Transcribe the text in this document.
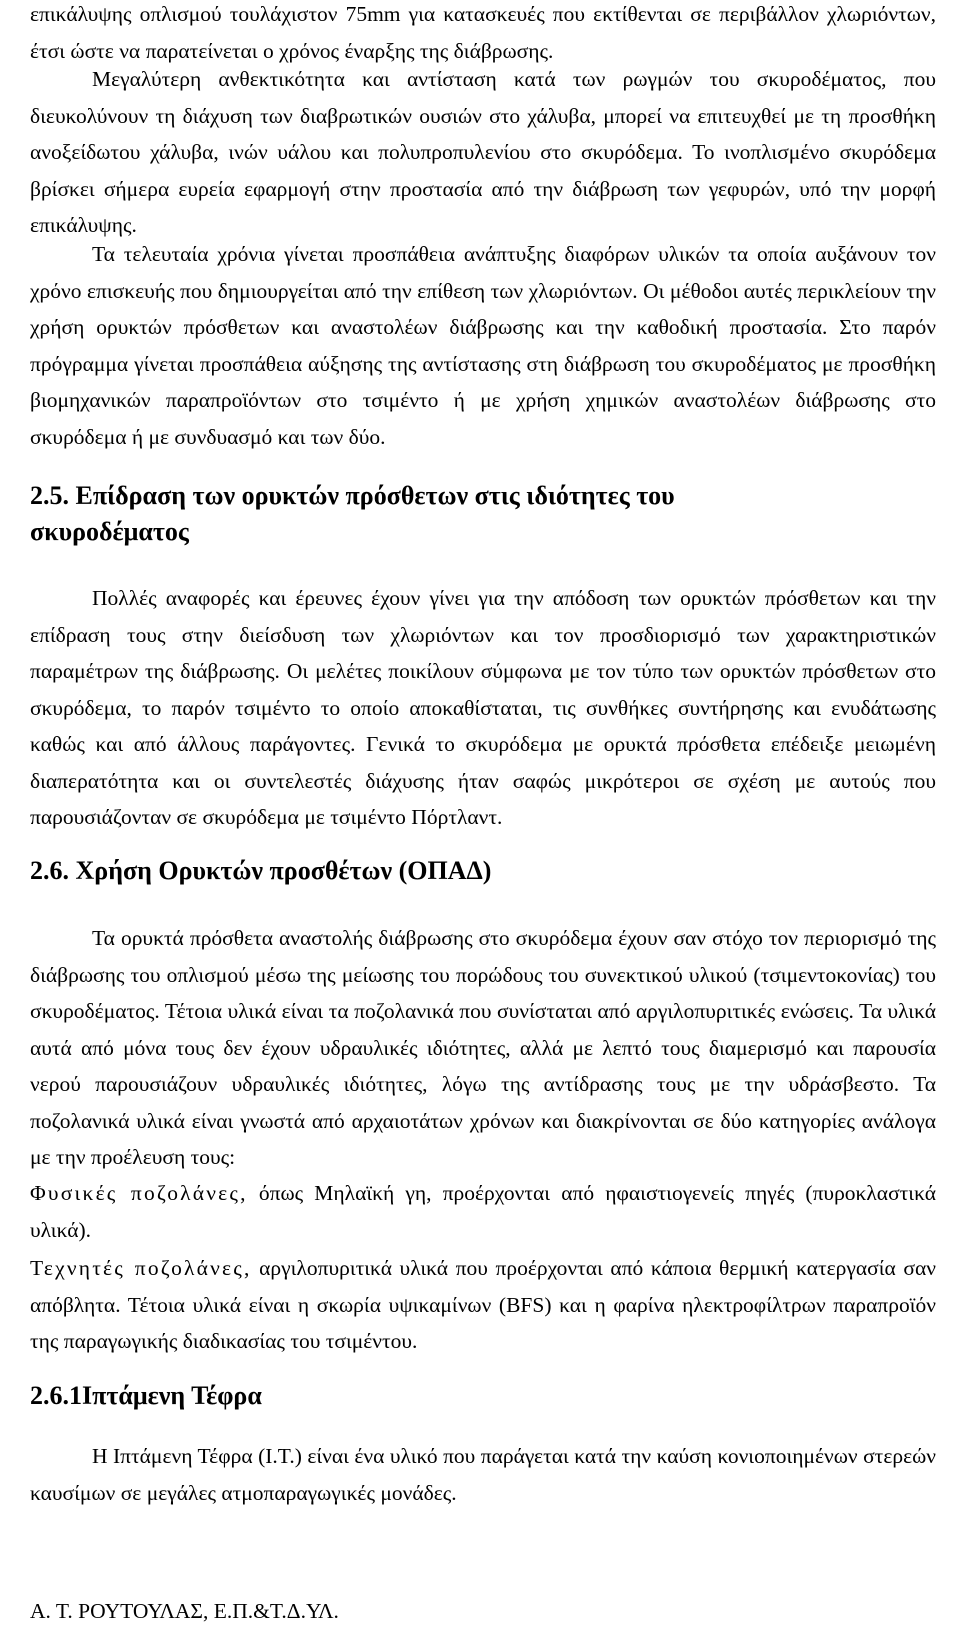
επικάλυψης οπλισμού τουλάχιστον 75mm για κατασκευές που εκτίθενται σε περιβάλλον χλωριόντων, έτσι ώστε να παρατείνεται ο χρόνος έναρξης της διάβρωσης.

Μεγαλύτερη ανθεκτικότητα και αντίσταση κατά των ρωγμών του σκυροδέματος, που διευκολύνουν τη διάχυση των διαβρωτικών ουσιών στο χάλυβα, μπορεί να επιτευχθεί με τη προσθήκη ανοξείδωτου χάλυβα, ινών υάλου και πολυπροπυλενίου στο σκυρόδεμα. Το ινοπλισμένο σκυρόδεμα βρίσκει σήμερα ευρεία εφαρμογή στην προστασία από την διάβρωση των γεφυρών, υπό την μορφή επικάλυψης.

Τα τελευταία χρόνια γίνεται προσπάθεια ανάπτυξης διαφόρων υλικών τα οποία αυξάνουν τον χρόνο επισκευής που δημιουργείται από την επίθεση των χλωριόντων. Οι μέθοδοι αυτές περικλείουν την χρήση ορυκτών πρόσθετων και αναστολέων διάβρωσης και την καθοδική προστασία. Στο παρόν πρόγραμμα γίνεται προσπάθεια αύξησης της αντίστασης στη διάβρωση του σκυροδέματος με προσθήκη βιομηχανικών παραπροϊόντων στο τσιμέντο ή με χρήση χημικών αναστολέων διάβρωσης στο σκυρόδεμα ή με συνδυασμό και των δύο.

2.5. Επίδραση των ορυκτών πρόσθετων στις ιδιότητες του σκυροδέματος

Πολλές αναφορές και έρευνες έχουν γίνει για την απόδοση των ορυκτών πρόσθετων και την επίδραση τους στην διείσδυση των χλωριόντων και τον προσδιορισμό των χαρακτηριστικών παραμέτρων της διάβρωσης. Οι μελέτες ποικίλουν σύμφωνα με τον τύπο των ορυκτών πρόσθετων στο σκυρόδεμα, το παρόν τσιμέντο το οποίο αποκαθίσταται, τις συνθήκες συντήρησης και ενυδάτωσης καθώς και από άλλους παράγοντες. Γενικά το σκυρόδεμα με ορυκτά πρόσθετα επέδειξε μειωμένη διαπερατότητα και οι συντελεστές διάχυσης ήταν σαφώς μικρότεροι σε σχέση με αυτούς που παρουσιάζονταν σε σκυρόδεμα με τσιμέντο Πόρτλαντ.

2.6. Χρήση Ορυκτών προσθέτων (ΟΠΑΔ)

Τα ορυκτά πρόσθετα αναστολής διάβρωσης στο σκυρόδεμα έχουν σαν στόχο τον περιορισμό της διάβρωσης του οπλισμού μέσω της μείωσης του πορώδους του συνεκτικού υλικού (τσιμεντοκονίας) του σκυροδέματος. Τέτοια υλικά είναι τα ποζολανικά που συνίσταται από αργιλοπυριτικές ενώσεις. Τα υλικά αυτά από μόνα τους δεν έχουν υδραυλικές ιδιότητες, αλλά με λεπτό τους διαμερισμό και παρουσία νερού παρουσιάζουν υδραυλικές ιδιότητες, λόγω της αντίδρασης τους με την υδράσβεστο. Τα ποζολανικά υλικά είναι γνωστά από αρχαιοτάτων χρόνων και διακρίνονται σε δύο κατηγορίες ανάλογα με την προέλευση τους:

Φυσικές ποζολάνες, όπως Μηλαϊκή γη, προέρχονται από ηφαιστιογενείς πηγές (πυροκλαστικά υλικά).

Τεχνητές ποζολάνες, αργιλοπυριτικά υλικά που προέρχονται από κάποια θερμική κατεργασία σαν απόβλητα. Τέτοια υλικά είναι η σκωρία υψικαμίνων (BFS) και η φαρίνα ηλεκτροφίλτρων παραπροϊόν της παραγωγικής διαδικασίας του τσιμέντου.

2.6.1Ιπτάμενη Τέφρα

Η Ιπτάμενη Τέφρα (Ι.Τ.) είναι ένα υλικό που παράγεται κατά την καύση κονιοποιημένων στερεών καυσίμων σε μεγάλες ατμοπαραγωγικές μονάδες.

Α. Τ. ΡΟΥΤΟΥΛΑΣ, Ε.Π.&Τ.Δ.ΥΛ.
